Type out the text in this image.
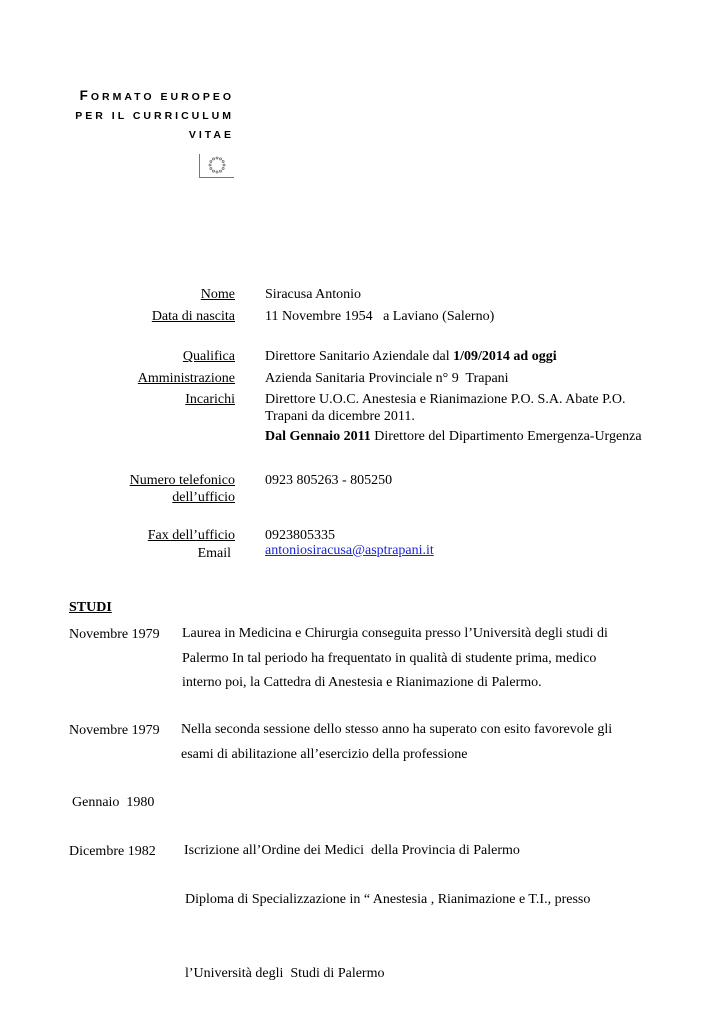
FORMATO EUROPEO
PER IL CURRICULUM
VITAE
Nome Siracusa Antonio
Data di nascita 11 Novembre 1954   a Laviano (Salerno)
Qualifica Direttore Sanitario Aziendale dal 1/09/2014 ad oggi
Amministrazione Azienda Sanitaria Provinciale n° 9  Trapani
Incarichi Direttore U.O.C. Anestesia e Rianimazione P.O. S.A. Abate P.O.
Trapani da dicembre 2011.
Dal Gennaio 2011 Direttore del Dipartimento Emergenza-Urgenza
Numero telefonico
dell’ufficio
0923 805263 - 805250
Fax dell’ufficio 0923805335
Email antoniosiracusa@asptrapani.it
STUDI
Novembre 1979 Laurea in Medicina e Chirurgia conseguita presso l’Università degli studi di
Palermo In tal periodo ha frequentato in qualità di studente prima, medico
interno poi, la Cattedra di Anestesia e Rianimazione di Palermo.
Novembre 1979 Nella seconda sessione dello stesso anno ha superato con esito favorevole gli
esami di abilitazione all’esercizio della professione
Gennaio  1980

Iscrizione all’Ordine dei Medici  della Provincia di Palermo

Dicembre 1982

Diploma di Specializzazione in “ Anestesia , Rianimazione e T.I., presso

l’Università degli  Studi di Palermo
